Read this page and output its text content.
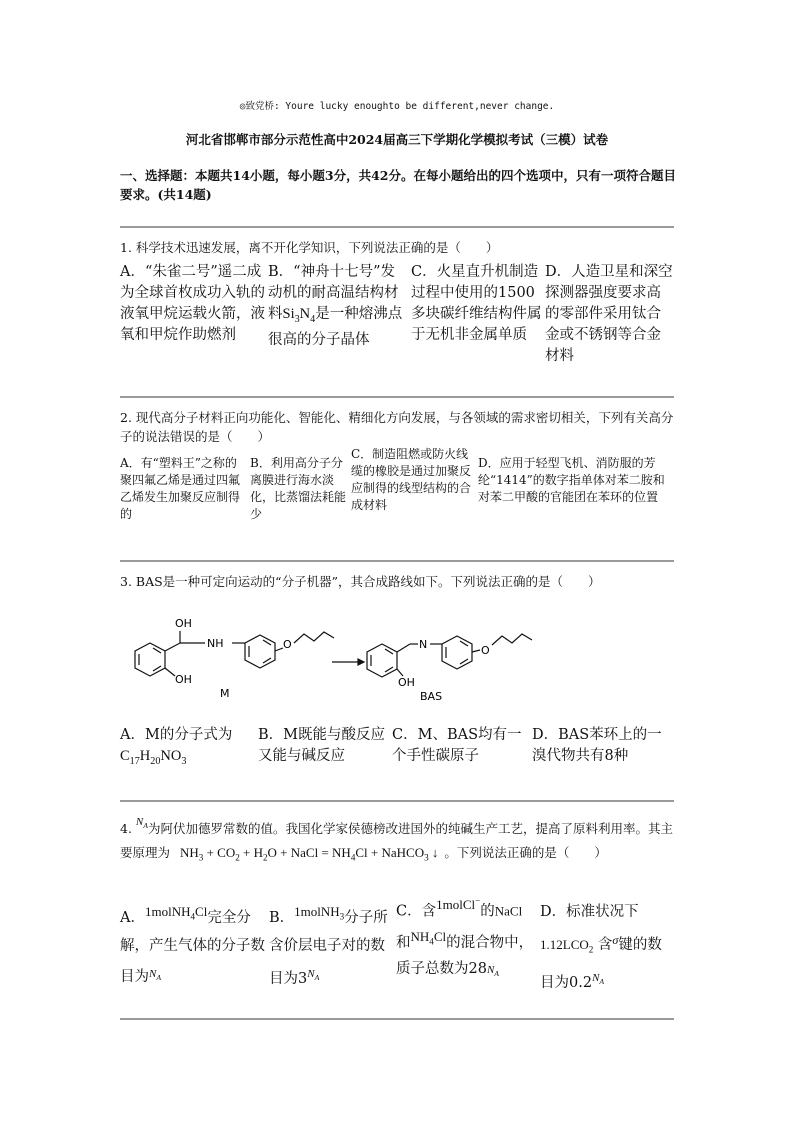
◎致党桥: Youre lucky enoughto be different,never change.
河北省邯郸市部分示范性高中2024届高三下学期化学模拟考试（三模）试卷
一、选择题：本题共14小题，每小题3分，共42分。在每小题给出的四个选项中，只有一项符合题目要求。(共14题)
1. 科学技术迅速发展，离不开化学知识，下列说法正确的是（　　）
A．“朱雀二号”遥二成为全球首枚成功入轨的液氧甲烷运载火箭，液氧和甲烷作助燃剂
B．“神舟十七号”发动机的耐高温结构材料$Si_3N_4$是一种熔沸点很高的分子晶体
C．火星直升机制造过程中使用的1500多块碳纤维结构件属于无机非金属单质
D．人造卫星和深空探测器强度要求高的零部件采用钛合金或不锈钢等合金材料
2. 现代高分子材料正向功能化、智能化、精细化方向发展，与各领域的需求密切相关，下列有关高分子的说法错误的是（　　）
A．有“塑料王”之称的聚四氟乙烯是通过四氟乙烯发生加聚反应制得的
B．利用高分子分离膜进行海水淡化，比蒸馏法耗能少
C．制造阻燃或防火线缆的橡胶是通过加聚反应制得的线型结构的合成材料
D．应用于轻型飞机、消防服的芳纶“1414”的数字指单体对苯二胺和对苯二甲酸的官能团在苯环的位置
3. BAS是一种可定向运动的“分子机器”，其合成路线如下。下列说法正确的是（　　）
OH
NH	O
OH
M
N	O
OH
BAS
A．M的分子式为
$C_{17}H_{20}NO_3$
B．M既能与酸反应又能与碱反应
C．M、BAS均有一个手性碳原子
D．BAS苯环上的一溴代物共有8种
4. $N_A$为阿伏加德罗常数的值。我国化学家侯德榜改进国外的纯碱生产工艺，提高了原料利用率。其主要原理为 $NH_3 + CO_2 + H_2O$ + NaCl = $NH_4Cl$ + NaHCO$_3$ ↓ 。下列说法正确的是（　　）
A．1molNH$_4$Cl完全分解，产生气体的分子数目为$^{N_A}$
B．1molNH$_3$分子所含价层电子对的数目为$3^{N_A}$
C．含1molCl−的NaCl和$NH_4Cl$的混合物中，质子总数为$28N_A$
D．标准状况下$1.12LCO_2$ 含$^\sigma$键的数目为$0.2^{N_A}$
